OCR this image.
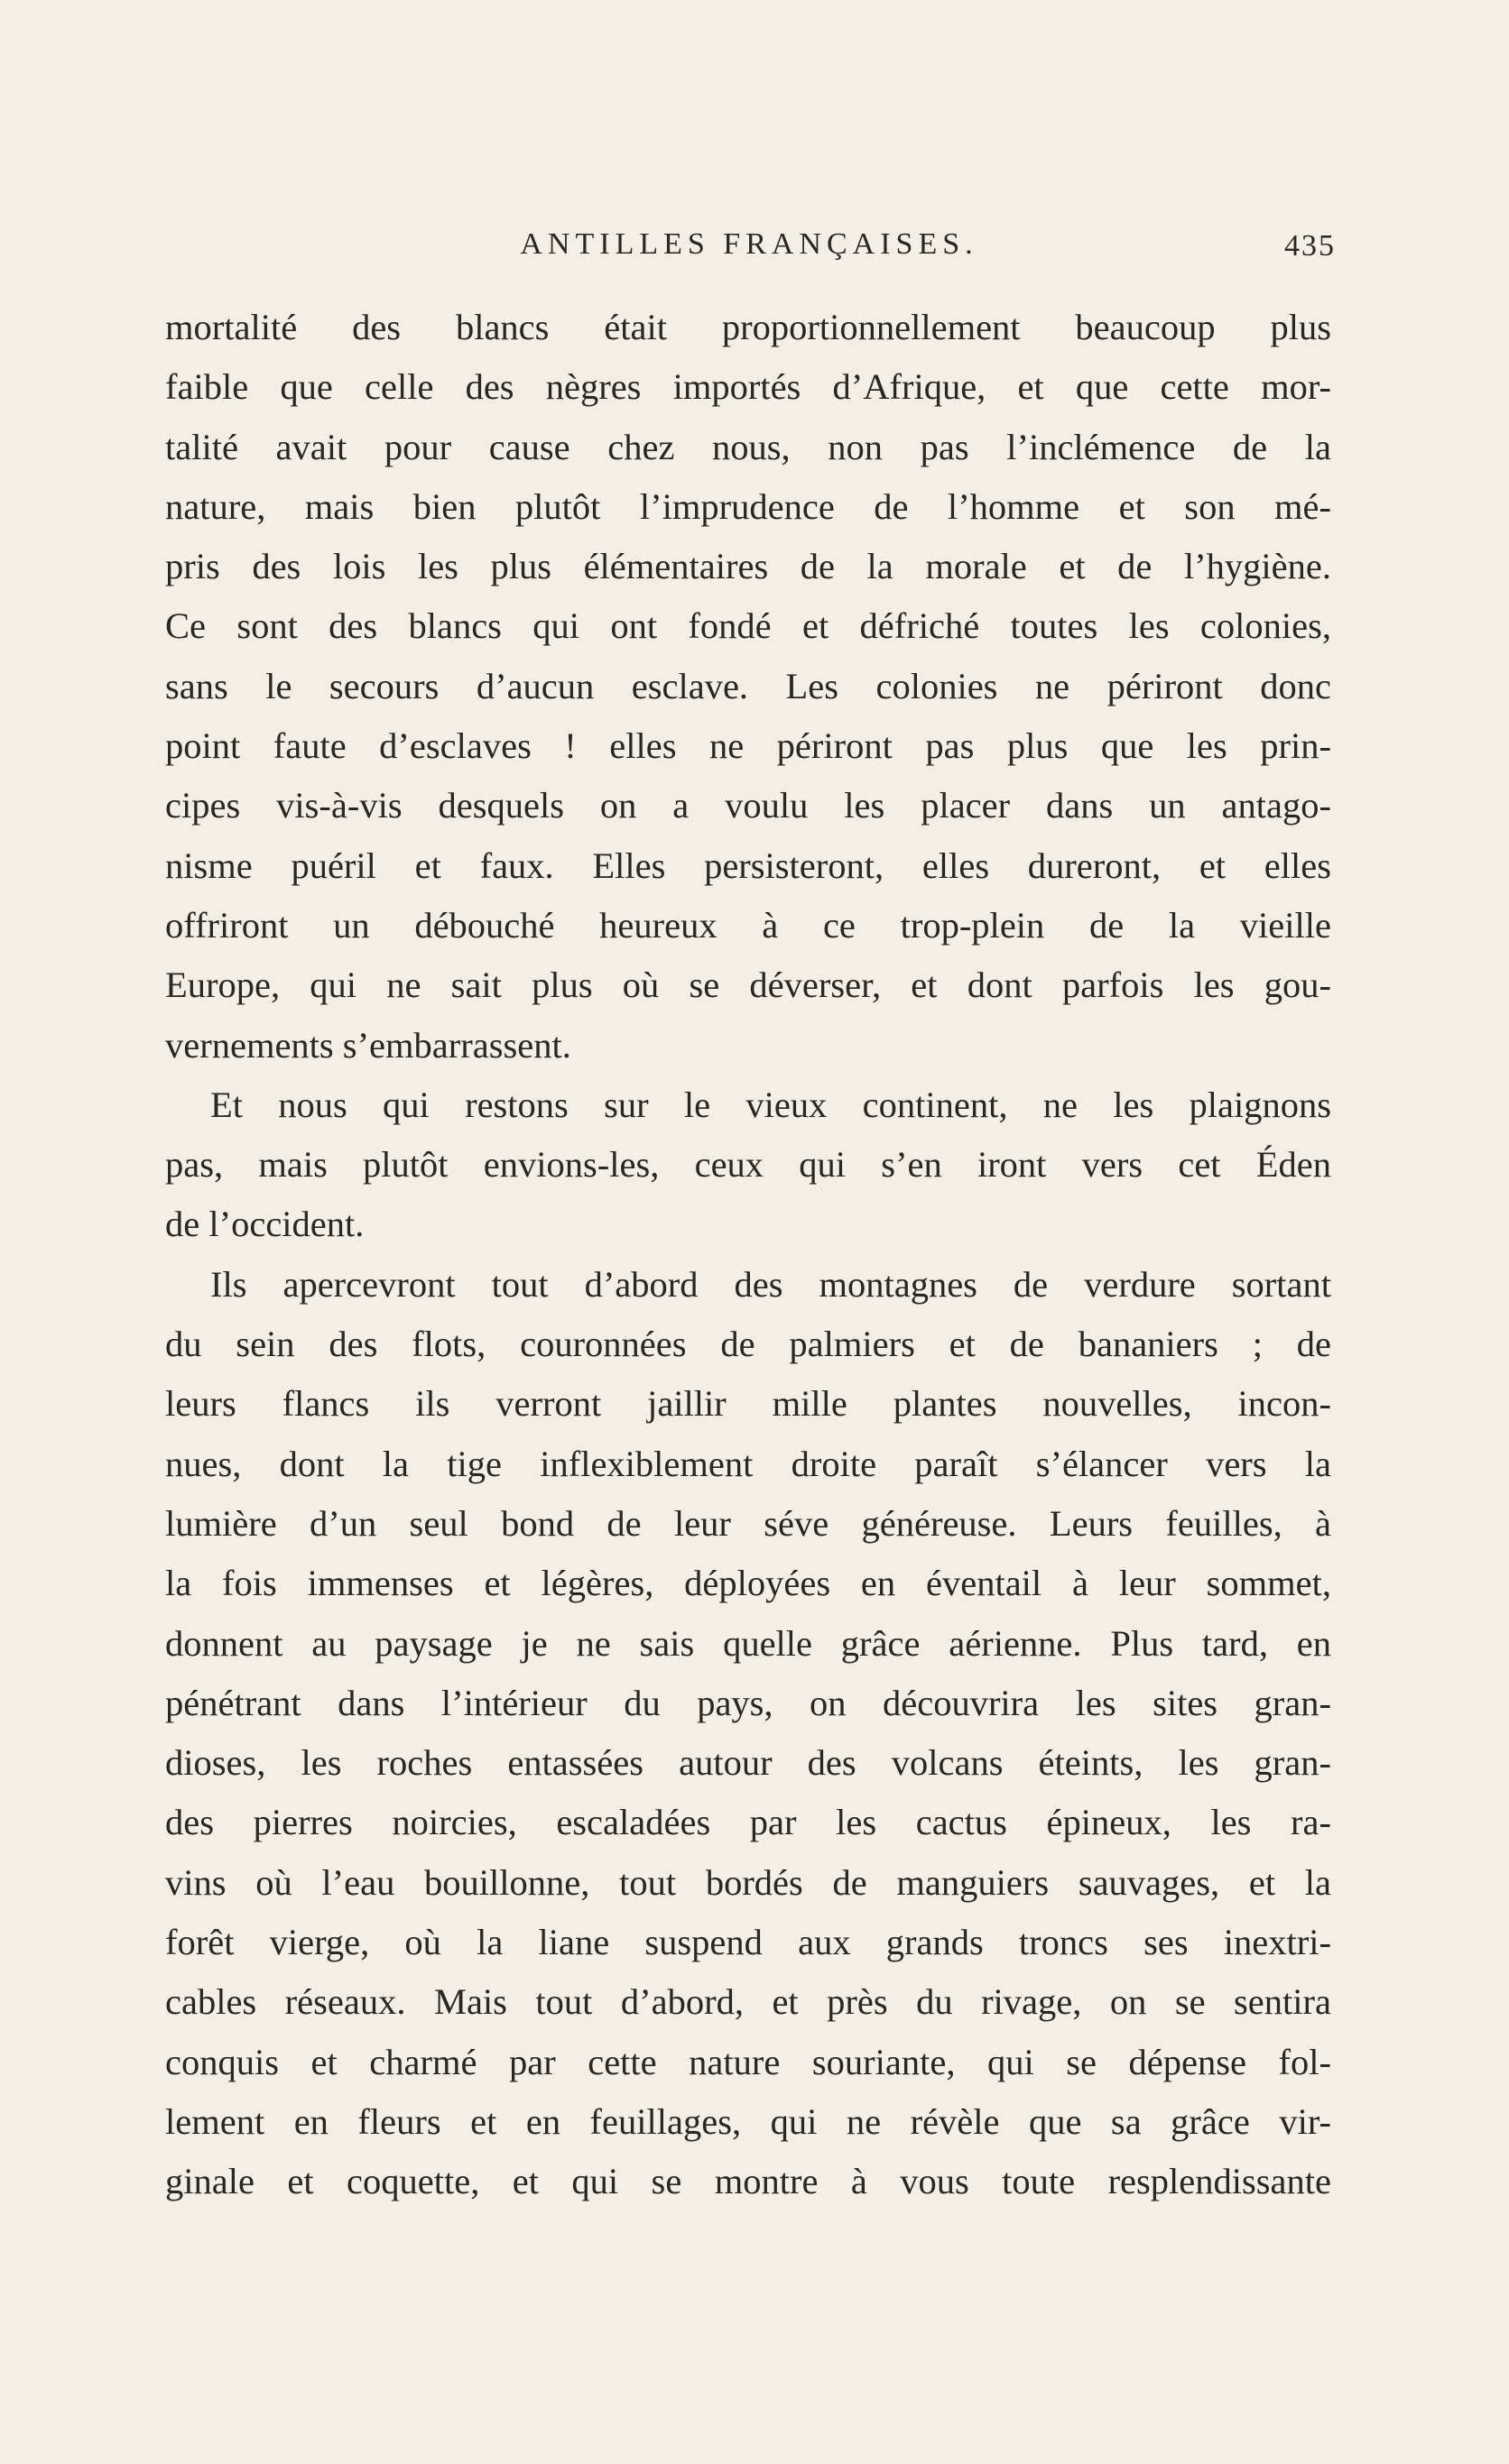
ANTILLES FRANÇAISES.	435
mortalité des blancs était proportionnellement beaucoup plus
faible que celle des nègres importés d’Afrique, et que cette mor-
talité avait pour cause chez nous, non pas l’inclémence de la
nature, mais bien plutôt l’imprudence de l’homme et son mé-
pris des lois les plus élémentaires de la morale et de l’hygiène.
Ce sont des blancs qui ont fondé et défriché toutes les colonies,
sans le secours d’aucun esclave. Les colonies ne périront donc
point faute d’esclaves ! elles ne périront pas plus que les prin-
cipes vis-à-vis desquels on a voulu les placer dans un antago-
nisme puéril et faux. Elles persisteront, elles dureront, et elles
offriront un débouché heureux à ce trop-plein de la vieille
Europe, qui ne sait plus où se déverser, et dont parfois les gou-
vernements s’embarrassent.
Et nous qui restons sur le vieux continent, ne les plaignons
pas, mais plutôt envions-les, ceux qui s’en iront vers cet Éden
de l’occident.
Ils apercevront tout d’abord des montagnes de verdure sortant
du sein des flots, couronnées de palmiers et de bananiers ; de
leurs flancs ils verront jaillir mille plantes nouvelles, incon-
nues, dont la tige inflexiblement droite paraît s’élancer vers la
lumière d’un seul bond de leur séve généreuse. Leurs feuilles, à
la fois immenses et légères, déployées en éventail à leur sommet,
donnent au paysage je ne sais quelle grâce aérienne. Plus tard, en
pénétrant dans l’intérieur du pays, on découvrira les sites gran-
dioses, les roches entassées autour des volcans éteints, les gran-
des pierres noircies, escaladées par les cactus épineux, les ra-
vins où l’eau bouillonne, tout bordés de manguiers sauvages, et la
forêt vierge, où la liane suspend aux grands troncs ses inextri-
cables réseaux. Mais tout d’abord, et près du rivage, on se sentira
conquis et charmé par cette nature souriante, qui se dépense fol-
lement en fleurs et en feuillages, qui ne révèle que sa grâce vir-
ginale et coquette, et qui se montre à vous toute resplendissante
